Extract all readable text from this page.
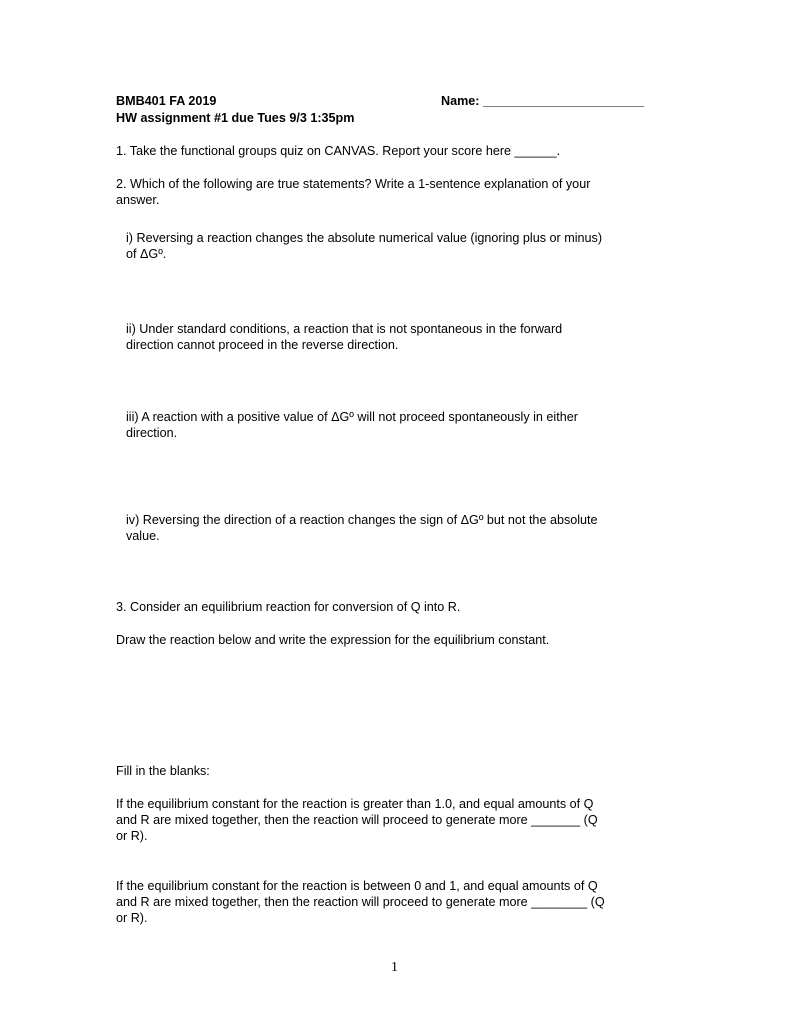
BMB401 FA 2019	Name: _______________________
HW assignment #1 due Tues 9/3 1:35pm
1. Take the functional groups quiz on CANVAS. Report your score here ______.
2. Which of the following are true statements? Write a 1-sentence explanation of your
answer.
i) Reversing a reaction changes the absolute numerical value (ignoring plus or minus)
of ΔGº.
ii) Under standard conditions, a reaction that is not spontaneous in the forward
direction cannot proceed in the reverse direction.
iii) A reaction with a positive value of ΔGº will not proceed spontaneously in either
direction.
iv) Reversing the direction of a reaction changes the sign of ΔGº but not the absolute
value.
3. Consider an equilibrium reaction for conversion of Q into R.
Draw the reaction below and write the expression for the equilibrium constant.
Fill in the blanks:
If the equilibrium constant for the reaction is greater than 1.0, and equal amounts of Q
and R are mixed together, then the reaction will proceed to generate more _______ (Q
or R).
If the equilibrium constant for the reaction is between 0 and 1, and equal amounts of Q
and R are mixed together, then the reaction will proceed to generate more ________ (Q
or R).
1
